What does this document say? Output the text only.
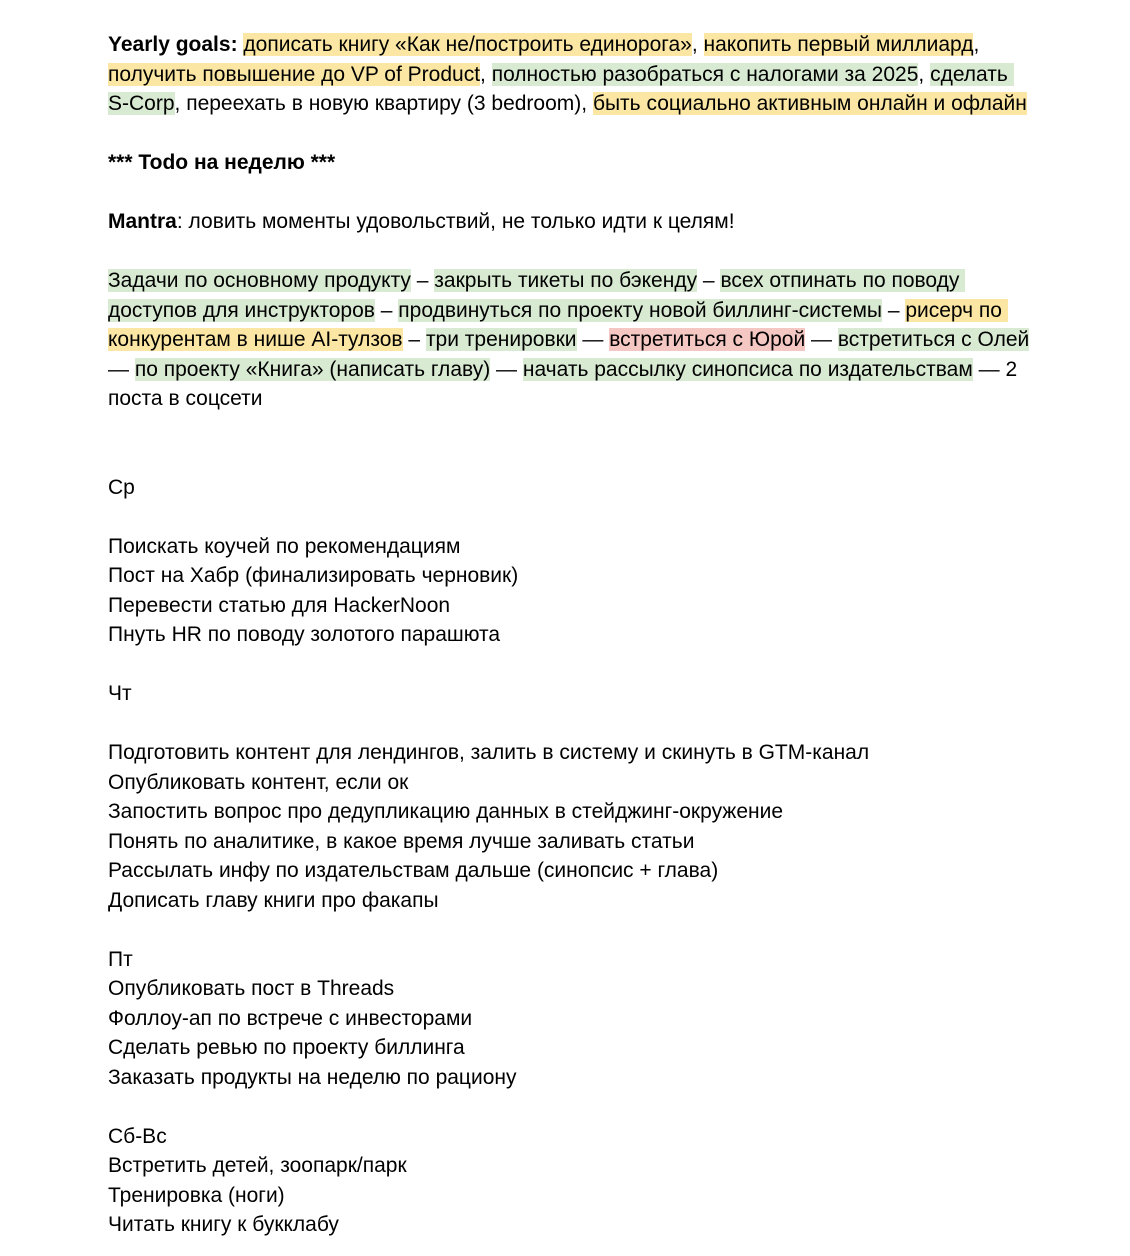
Yearly goals: дописать книгу «Как не/построить единорога», накопить первый миллиард, получить повышение до VP of Product, полностью разобраться с налогами за 2025, сделать S-Corp, переехать в новую квартиру (3 bedroom), быть социально активным онлайн и офлайн

*** Todo на неделю ***

Mantra: ловить моменты удовольствий, не только идти к целям!

Задачи по основному продукту – закрыть тикеты по бэкенду – всех отпинать по поводу доступов для инструкторов – продвинуться по проекту новой биллинг-системы – рисерч по конкурентам в нише AI-тулзов – три тренировки — встретиться с Юрой — встретиться с Олей — по проекту «Книга» (написать главу) — начать рассылку синопсиса по издательствам — 2 поста в соцсети

Ср

Поискать коучей по рекомендациям

Пост на Хабр (финализировать черновик)

Перевести статью для HackerNoon

Пнуть HR по поводу золотого парашюта

Чт

Подготовить контент для лендингов, залить в систему и скинуть в GTM-канал

Опубликовать контент, если ок

Запостить вопрос про дедупликацию данных в стейджинг-окружение

Понять по аналитике, в какое время лучше заливать статьи

Рассылать инфу по издательствам дальше (синопсис + глава)

Дописать главу книги про факапы

Пт

Опубликовать пост в Threads

Фоллоу-ап по встрече с инвесторами

Сделать ревью по проекту биллинга

Заказать продукты на неделю по рациону

Сб-Вс

Встретить детей, зоопарк/парк

Тренировка (ноги)

Читать книгу к букклабу
